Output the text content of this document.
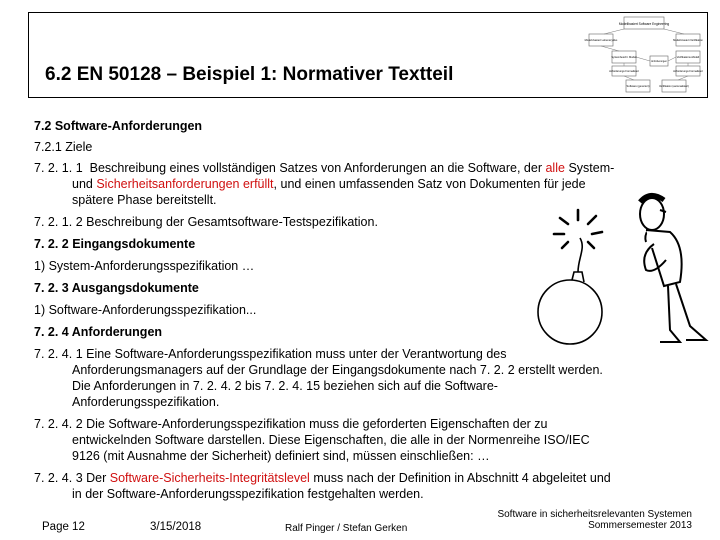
6.2 EN 50128 – Beispiel 1: Normativer Textteil
Modellbasiert Software Engineering
Modell-basiert Lebenszyklus	Modell-basiert Verifikation
Systembeschr. Modell	Verifikations-Modell
Anforderungs Formalisiert	Anforderungs Formalisiert
Anforderungen
Software (generiert)	Verifikation (automatisiert)
7.2 Software-Anforderungen
7.2.1 Ziele
7. 2. 1. 1 Beschreibung eines vollständigen Satzes von Anforderungen an die Software, der alle System-
und Sicherheitsanforderungen erfüllt, und einen umfassenden Satz von Dokumenten für jede
spätere Phase bereitstellt.
7. 2. 1. 2 Beschreibung der Gesamtsoftware-Testspezifikation.
7. 2. 2 Eingangsdokumente
1) System-Anforderungsspezifikation …
7. 2. 3 Ausgangsdokumente
1) Software-Anforderungsspezifikation...
7. 2. 4 Anforderungen
7. 2. 4. 1 Eine Software-Anforderungsspezifikation muss unter der Verantwortung des
Anforderungsmanagers auf der Grundlage der Eingangsdokumente nach 7. 2. 2 erstellt werden.
Die Anforderungen in 7. 2. 4. 2 bis 7. 2. 4. 15 beziehen sich auf die Software-
Anforderungsspezifikation.
7. 2. 4. 2 Die Software-Anforderungsspezifikation muss die geforderten Eigenschaften der zu
entwickelnden Software darstellen. Diese Eigenschaften, die alle in der Normenreihe ISO/IEC
9126 (mit Ausnahme der Sicherheit) definiert sind, müssen einschließen: …
7. 2. 4. 3 Der Software-Sicherheits-Integritätslevel muss nach der Definition in Abschnitt 4 abgeleitet und
in der Software-Anforderungsspezifikation festgehalten werden.
Page 12	3/15/2018	Ralf Pinger / Stefan Gerken
Software in sicherheitsrelevanten Systemen
Sommersemester 2013
